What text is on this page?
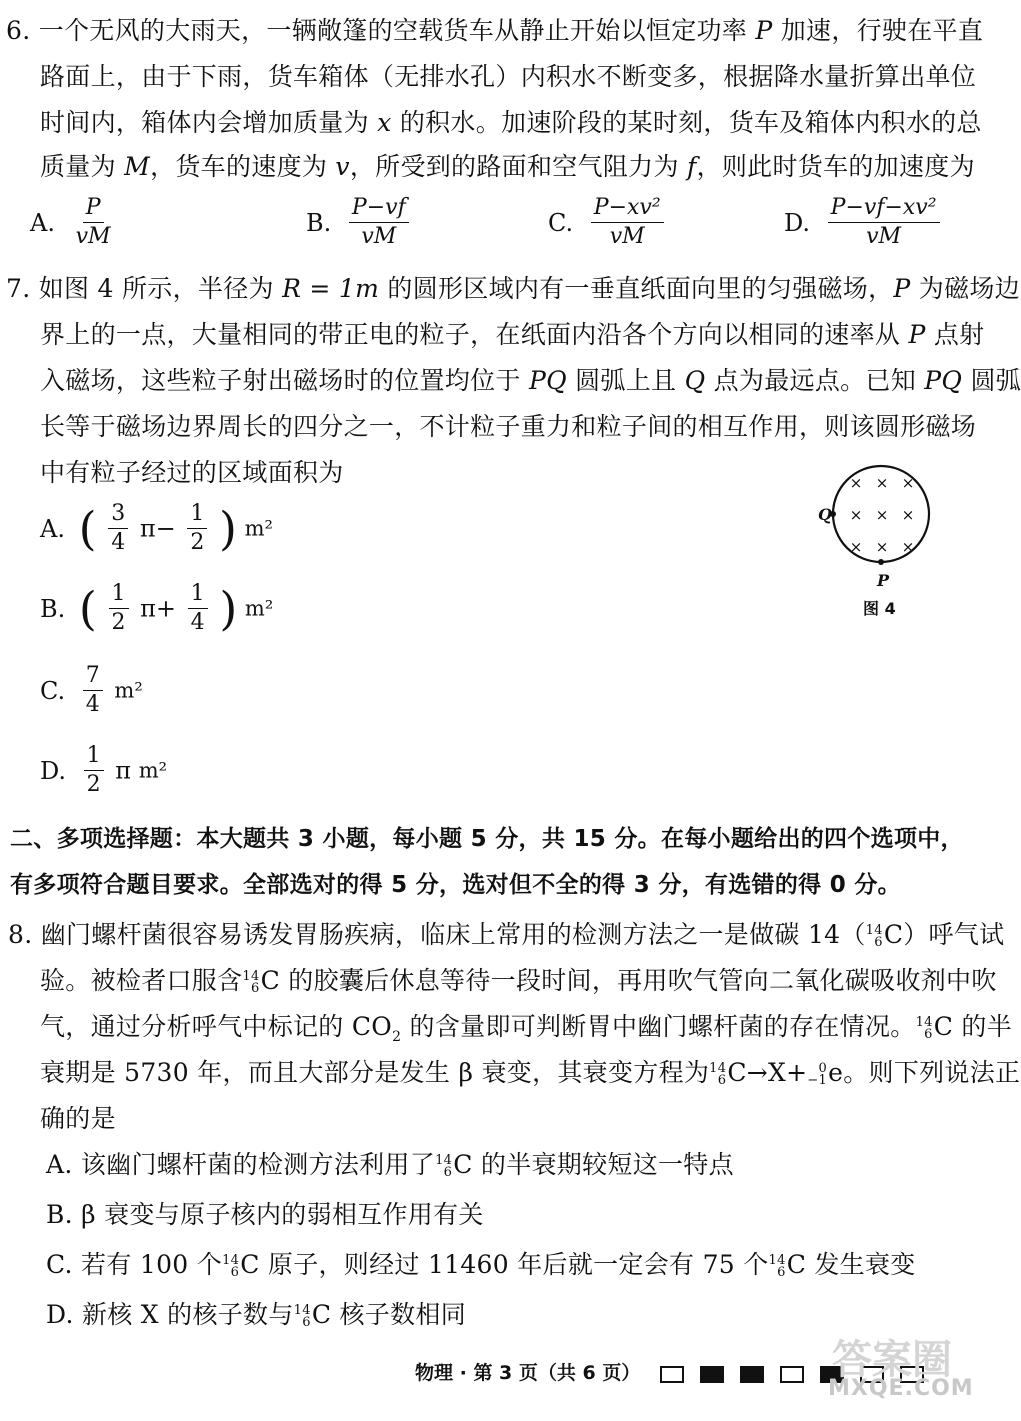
6. 一个无风的大雨天，一辆敞篷的空载货车从静止开始以恒定功率 P 加速，行驶在平直
路面上，由于下雨，货车箱体（无排水孔）内积水不断变多，根据降水量折算出单位
时间内，箱体内会增加质量为 x 的积水。加速阶段的某时刻，货车及箱体内积水的总
质量为 M，货车的速度为 v，所受到的路面和空气阻力为 f，则此时货车的加速度为
A. $\frac{P}{vM}$	B. $\frac{P-vf}{vM}$	C. $\frac{\text{P−xv²}}{vM}$	D. $\frac{\text{P−vf−xv²}}{vM}$
7. 如图 4 所示，半径为 R = 1m 的圆形区域内有一垂直纸面向里的匀强磁场，P 为磁场边
界上的一点，大量相同的带正电的粒子，在纸面内沿各个方向以相同的速率从 P 点射
入磁场，这些粒子射出磁场时的位置均位于 PQ 圆弧上且 Q 点为最远点。已知 PQ 圆弧
长等于磁场边界周长的四分之一，不计粒子重力和粒子间的相互作用，则该圆形磁场
中有粒子经过的区域面积为
A. ( $\frac{3}{4} \pi- \frac{1}{2}$ ) m²
B. ( $\frac{1}{2} \pi+ \frac{1}{4}$ ) m²
C. $\frac{7}{4} m^2$
D. $\frac{1}{2}$ π m²
× × ×
× × ×
× × ×
Q
P
图 4
二、多项选择题：本大题共 3 小题，每小题 5 分，共 15 分。在每小题给出的四个选项中，
有多项符合题目要求。全部选对的得 5 分，选对但不全的得 3 分，有选错的得 0 分。
8. 幽门螺杆菌很容易诱发胃肠疾病，临床上常用的检测方法之一是做碳 14（ 14
6 C）呼气试
验。被检者口服含 14
6 C 的胶囊后休息等待一段时间，再用吹气管向二氧化碳吸收剂中吹
气，通过分析呼气中标记的 $CO_2$ 的含量即可判断胃中幽门螺杆菌的存在情况。 14
6 C 的半
衰期是 5730 年，而且大部分是发生 β 衰变，其衰变方程为 14
6 C→X+ 0
−1 e。则下列说法正
确的是
A. 该幽门螺杆菌的检测方法利用了 14
6 C 的半衰期较短这一特点
B. β 衰变与原子核内的弱相互作用有关
C. 若有 100 个 14
6 C 原子，则经过 11460 年后就一定会有 75 个 14
6 C 发生衰变
D. 新核 X 的核子数与 14
6 C 核子数相同
物理 · 第 3 页（共 6 页）	答案圈
MXQE.COM
